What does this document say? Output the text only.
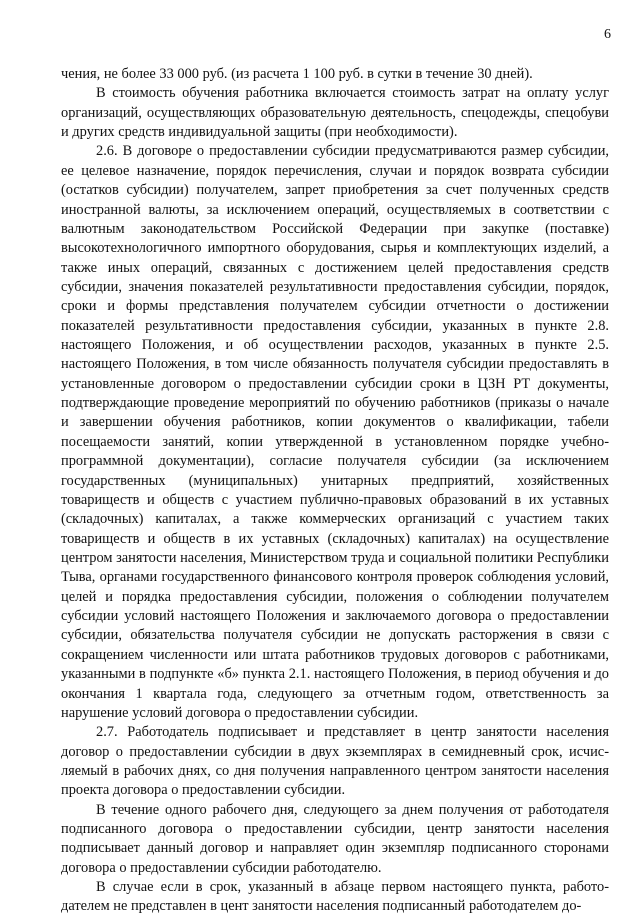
6

чения, не более 33 000 руб. (из расчета 1 100 руб. в сутки в течение 30 дней).

В стоимость обучения работника включается стоимость затрат на оплату услуг организаций, осуществляющих образовательную деятельность, спецодежды, спецобуви и других средств индивидуальной защиты (при необходимости).

2.6. В договоре о предоставлении субсидии предусматриваются размер субсидии, ее целевое назначение, порядок перечисления, случаи и порядок возврата субсидии (остатков субсидии) получателем, запрет приобретения за счет полученных средств иностранной валюты, за исключением операций, осуществляемых в соответствии с валютным законодательством Российской Федерации при закупке (поставке) высокотехнологичного импортного оборудования, сырья и комплектующих изделий, а также иных операций, связанных с достижением целей предоставления средств субсидии, значения показателей результативности предоставления субсидии, порядок, сроки и формы представления получателем субсидии отчетности о достижении показателей результативности предоставления субсидии, указанных в пункте 2.8. настоящего Положения, и об осуществлении расходов, указанных в пункте 2.5. настоящего Положения, в том числе обязанность получателя субсидии предоставлять в установленные договором о предоставлении субсидии сроки в ЦЗН РТ документы, подтверждающие проведение мероприятий по обучению работников (приказы о начале и завершении обучения работников, копии документов о квалификации, табели посещаемости занятий, копии утвержденной в установленном порядке учебно-программной документации), согласие получателя субсидии (за исключением государственных (муниципальных) унитарных предприятий, хозяйственных товариществ и обществ с участием публично-правовых образований в их уставных (складочных) капиталах, а также коммерческих организаций с участием таких товариществ и обществ в их уставных (складочных) капиталах) на осуществление центром занятости населения, Министерством труда и социальной политики Республики Тыва, органами государственного финансового контроля проверок соблюдения условий, целей и порядка предоставления субсидии, положения о соблюдении получателем субсидии условий настоящего Положения и заключаемого договора о предоставлении субсидии, обязательства получателя субсидии не допускать расторжения в связи с сокращением численности или штата работников трудовых договоров с работниками, указанными в подпункте «б» пункта 2.1. настоящего Положения, в период обучения и до окончания 1 квартала года, следующего за отчетным годом, ответственность за нарушение условий договора о предоставлении субсидии.

2.7. Работодатель подписывает и представляет в центр занятости населения договор о предоставлении субсидии в двух экземплярах в семидневный срок, исчисляемый в рабочих днях, со дня получения направленного центром занятости населения проекта договора о предоставлении субсидии.

В течение одного рабочего дня, следующего за днем получения от работодателя подписанного договора о предоставлении субсидии, центр занятости населения подписывает данный договор и направляет один экземпляр подписанного сторонами договора о предоставлении субсидии работодателю.

В случае если в срок, указанный в абзаце первом настоящего пункта, работодателем не представлен в цент занятости населения подписанный работодателем до-
